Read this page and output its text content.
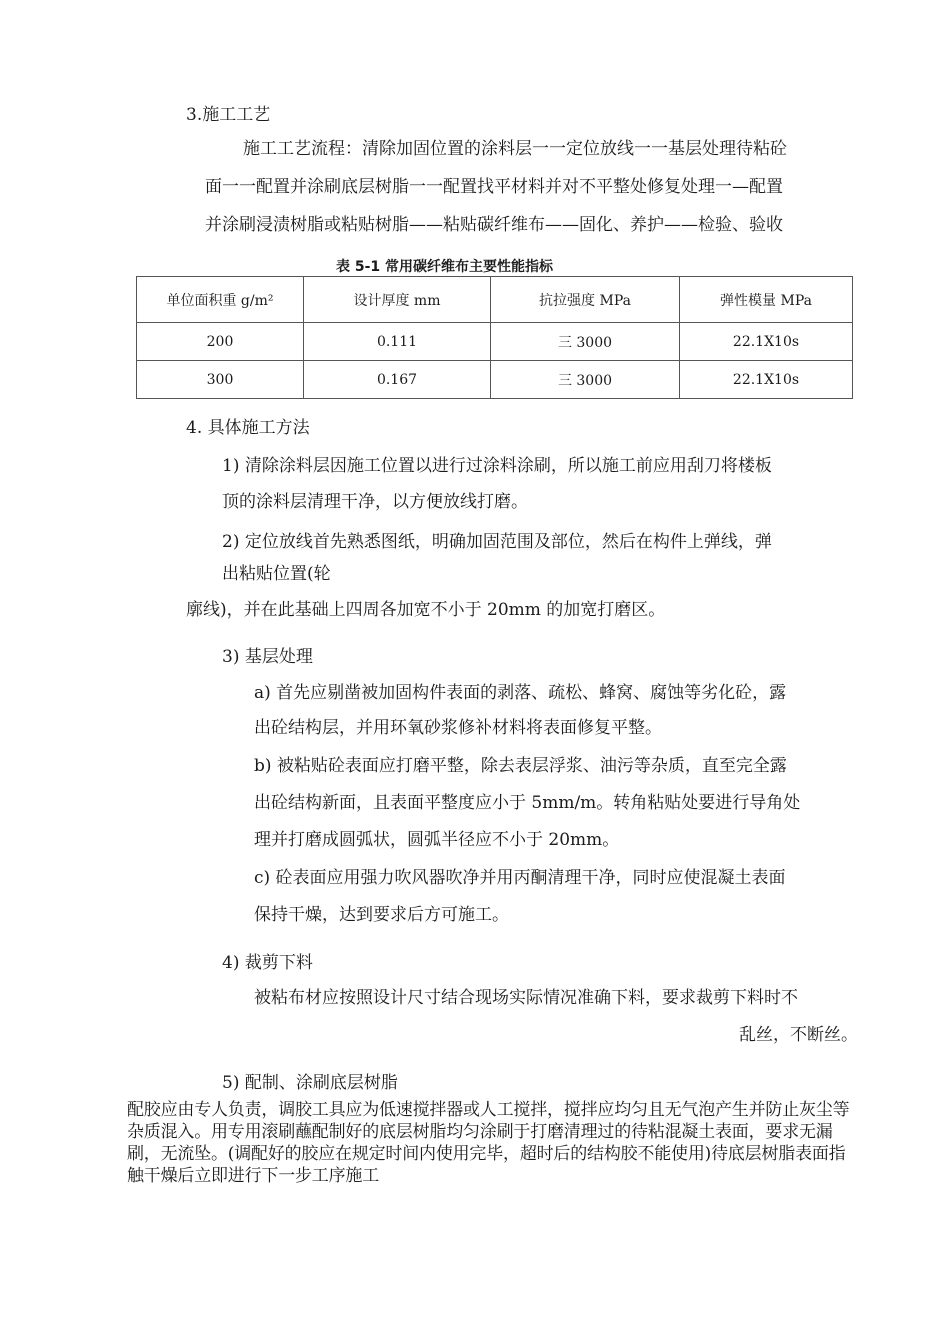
3.施工工艺
施工工艺流程：清除加固位置的涂料层一一定位放线一一基层处理待粘砼
面一一配置并涂刷底层树脂一一配置找平材料并对不平整处修复处理一—配置
并涂刷浸渍树脂或粘贴树脂——粘贴碳纤维布——固化、养护——检验、验收
表 5-1 常用碳纤维布主要性能指标
单位面积重 g/m²	设计厚度 mm	抗拉强度 MPa	弹性模量 MPa
200	0.111	三 3000	22.1X10s
300	0.167	三 3000	22.1X10s
4. 具体施工方法
1) 清除涂料层因施工位置以进行过涂料涂刷，所以施工前应用刮刀将楼板
顶的涂料层清理干净，以方便放线打磨。
2) 定位放线首先熟悉图纸，明确加固范围及部位，然后在构件上弹线，弹
出粘贴位置(轮
廓线)，并在此基础上四周各加宽不小于 20mm 的加宽打磨区。
3) 基层处理
a) 首先应剔凿被加固构件表面的剥落、疏松、蜂窝、腐蚀等劣化砼，露
出砼结构层，并用环氧砂浆修补材料将表面修复平整。
b) 被粘贴砼表面应打磨平整，除去表层浮浆、油污等杂质，直至完全露
出砼结构新面，且表面平整度应小于 5mm/m。转角粘贴处要进行导角处
理并打磨成圆弧状，圆弧半径应不小于 20mm。
c) 砼表面应用强力吹风器吹净并用丙酮清理干净，同时应使混凝土表面
保持干燥，达到要求后方可施工。
4) 裁剪下料
被粘布材应按照设计尺寸结合现场实际情况准确下料，要求裁剪下料时不
乱丝，不断丝。
5) 配制、涂刷底层树脂
配胶应由专人负责，调胶工具应为低速搅拌器或人工搅拌，搅拌应均匀且无气泡产生并防止灰尘等杂质混入。用专用滚刷蘸配制好的底层树脂均匀涂刷于打磨清理过的待粘混凝土表面，要求无漏刷，无流坠。(调配好的胶应在规定时间内使用完毕，超时后的结构胶不能使用)待底层树脂表面指触干燥后立即进行下一步工序施工
